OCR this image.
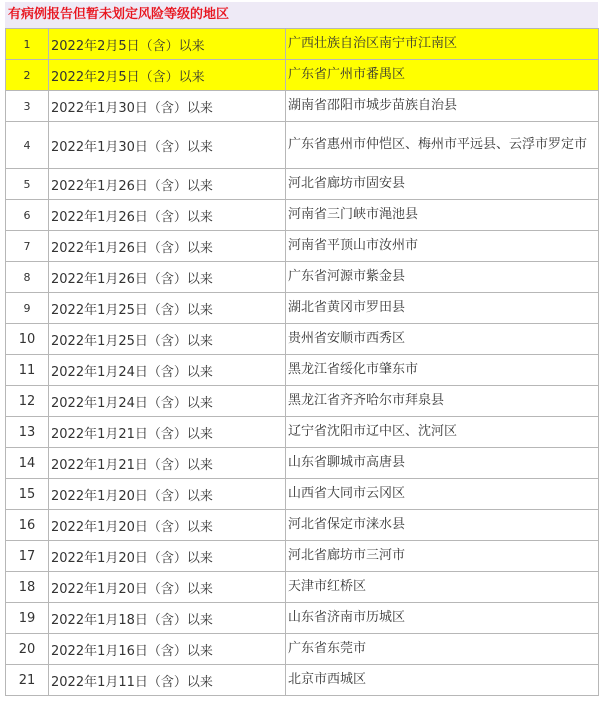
有病例报告但暂未划定风险等级的地区
1	2022年2月5日（含）以来	广西壮族自治区南宁市江南区
2	2022年2月5日（含）以来	广东省广州市番禺区
3	2022年1月30日（含）以来	湖南省邵阳市城步苗族自治县
4	2022年1月30日（含）以来	广东省惠州市仲恺区、梅州市平远县、云浮市罗定市
5	2022年1月26日（含）以来	河北省廊坊市固安县
6	2022年1月26日（含）以来	河南省三门峡市渑池县
7	2022年1月26日（含）以来	河南省平顶山市汝州市
8	2022年1月26日（含）以来	广东省河源市紫金县
9	2022年1月25日（含）以来	湖北省黄冈市罗田县
10	2022年1月25日（含）以来	贵州省安顺市西秀区
11	2022年1月24日（含）以来	黑龙江省绥化市肇东市
12	2022年1月24日（含）以来	黑龙江省齐齐哈尔市拜泉县
13	2022年1月21日（含）以来	辽宁省沈阳市辽中区、沈河区
14	2022年1月21日（含）以来	山东省聊城市高唐县
15	2022年1月20日（含）以来	山西省大同市云冈区
16	2022年1月20日（含）以来	河北省保定市涞水县
17	2022年1月20日（含）以来	河北省廊坊市三河市
18	2022年1月20日（含）以来	天津市红桥区
19	2022年1月18日（含）以来	山东省济南市历城区
20	2022年1月16日（含）以来	广东省东莞市
21	2022年1月11日（含）以来	北京市西城区
